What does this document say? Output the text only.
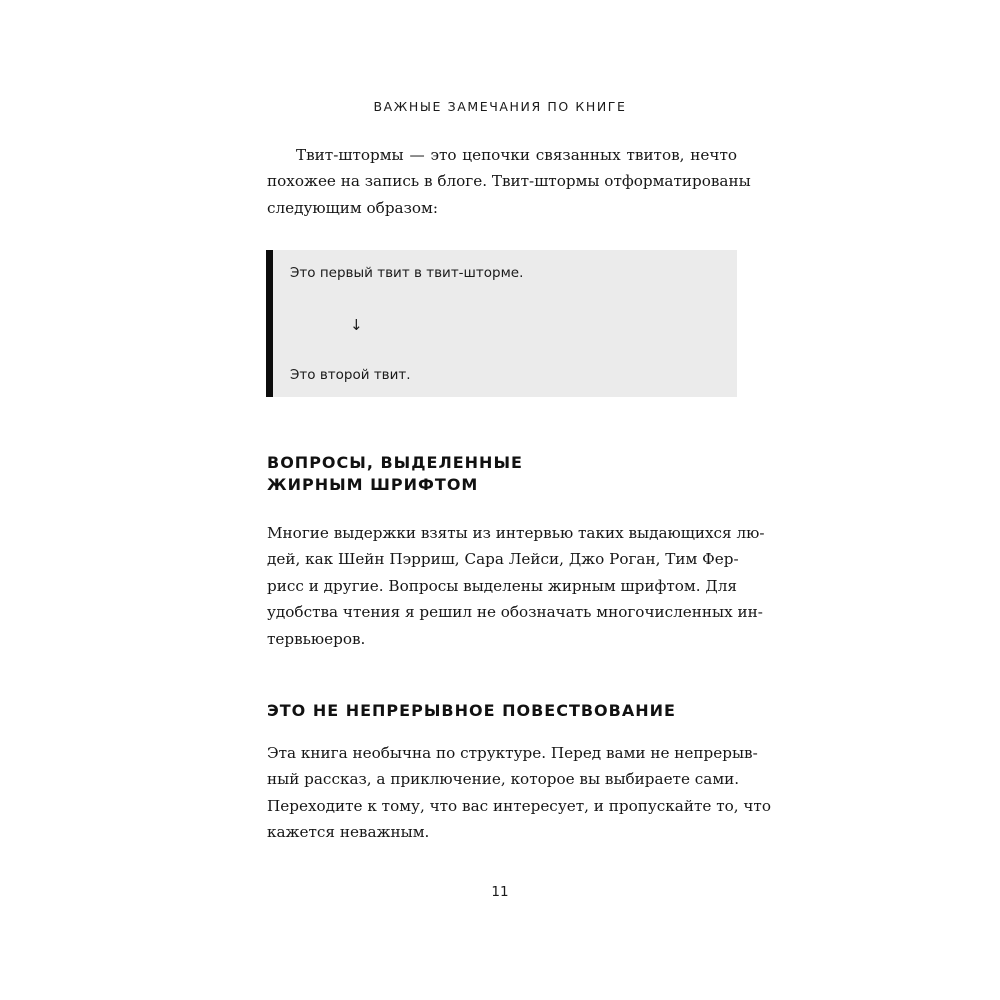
ВАЖНЫЕ ЗАМЕЧАНИЯ ПО КНИГЕ
Твит-штормы — это цепочки связанных твитов, нечто
похожее на запись в блоге. Твит-штормы отформатированы
следующим образом:
Это первый твит в твит-шторме.
↓
Это второй твит.
ВОПРОСЫ, ВЫДЕЛЕННЫЕ
ЖИРНЫМ ШРИФТОМ
Многие выдержки взяты из интервью таких выдающихся лю-
дей, как Шейн Пэрриш, Сара Лейси, Джо Роган, Тим Фер-
рисс и другие. Вопросы выделены жирным шрифтом. Для
удобства чтения я решил не обозначать многочисленных ин-
тервьюеров.
ЭТО НЕ НЕПРЕРЫВНОЕ ПОВЕСТВОВАНИЕ
Эта книга необычна по структуре. Перед вами не непрерыв-
ный рассказ, а приключение, которое вы выбираете сами.
Переходите к тому, что вас интересует, и пропускайте то, что
кажется неважным.
11
